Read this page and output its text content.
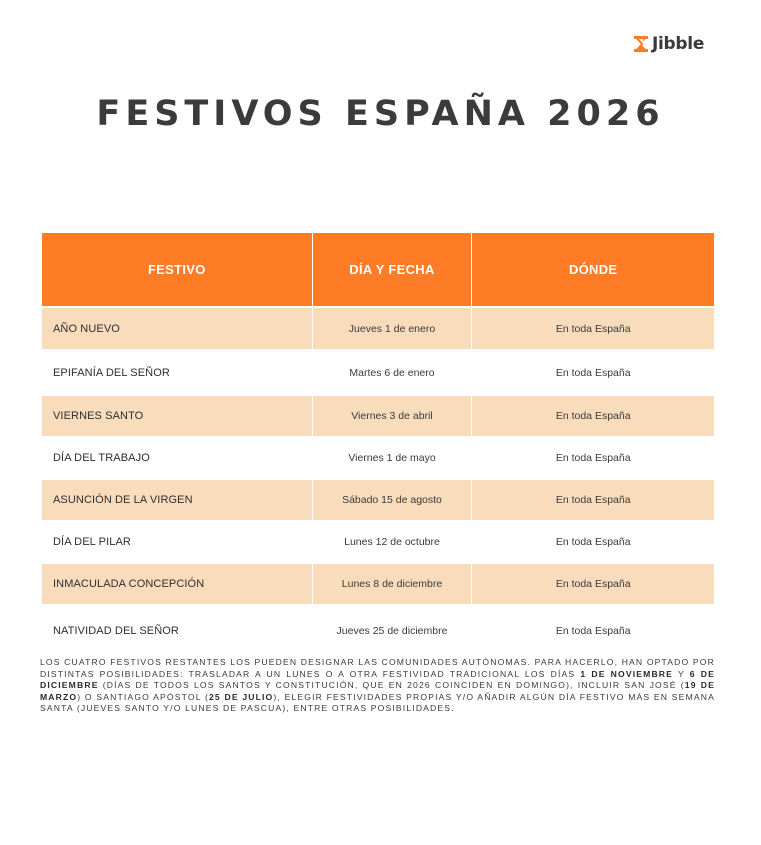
Jibble
FESTIVOS ESPAÑA 2026
FESTIVO	DÍA Y FECHA	DÓNDE
AÑO NUEVO	Jueves 1 de enero	En toda España
EPIFANÍA DEL SEÑOR	Martes 6 de enero	En toda España
VIERNES SANTO	Viernes 3 de abril	En toda España
DÍA DEL TRABAJO	Viernes 1 de mayo	En toda España
ASUNCIÓN DE LA VIRGEN	Sábado 15 de agosto	En toda España
DÍA DEL PILAR	Lunes 12 de octubre	En toda España
INMACULADA CONCEPCIÓN	Lunes 8 de diciembre	En toda España
NATIVIDAD DEL SEÑOR	Jueves 25 de diciembre	En toda España
LOS CUATRO FESTIVOS RESTANTES LOS PUEDEN DESIGNAR LAS COMUNIDADES AUTÓNOMAS. PARA HACERLO, HAN OPTADO POR DISTINTAS POSIBILIDADES: TRASLADAR A UN LUNES O A OTRA FESTIVIDAD TRADICIONAL LOS DÍAS 1 DE NOVIEMBRE Y 6 DE DICIEMBRE (DÍAS DE TODOS LOS SANTOS Y CONSTITUCIÓN, QUE EN 2026 COINCIDEN EN DOMINGO), INCLUIR SAN JOSÉ (19 DE MARZO) O SANTIAGO APÓSTOL (25 DE JULIO), ELEGIR FESTIVIDADES PROPIAS Y/O AÑADIR ALGÚN DÍA FESTIVO MÁS EN SEMANA SANTA (JUEVES SANTO Y/O LUNES DE PASCUA), ENTRE OTRAS POSIBILIDADES.
